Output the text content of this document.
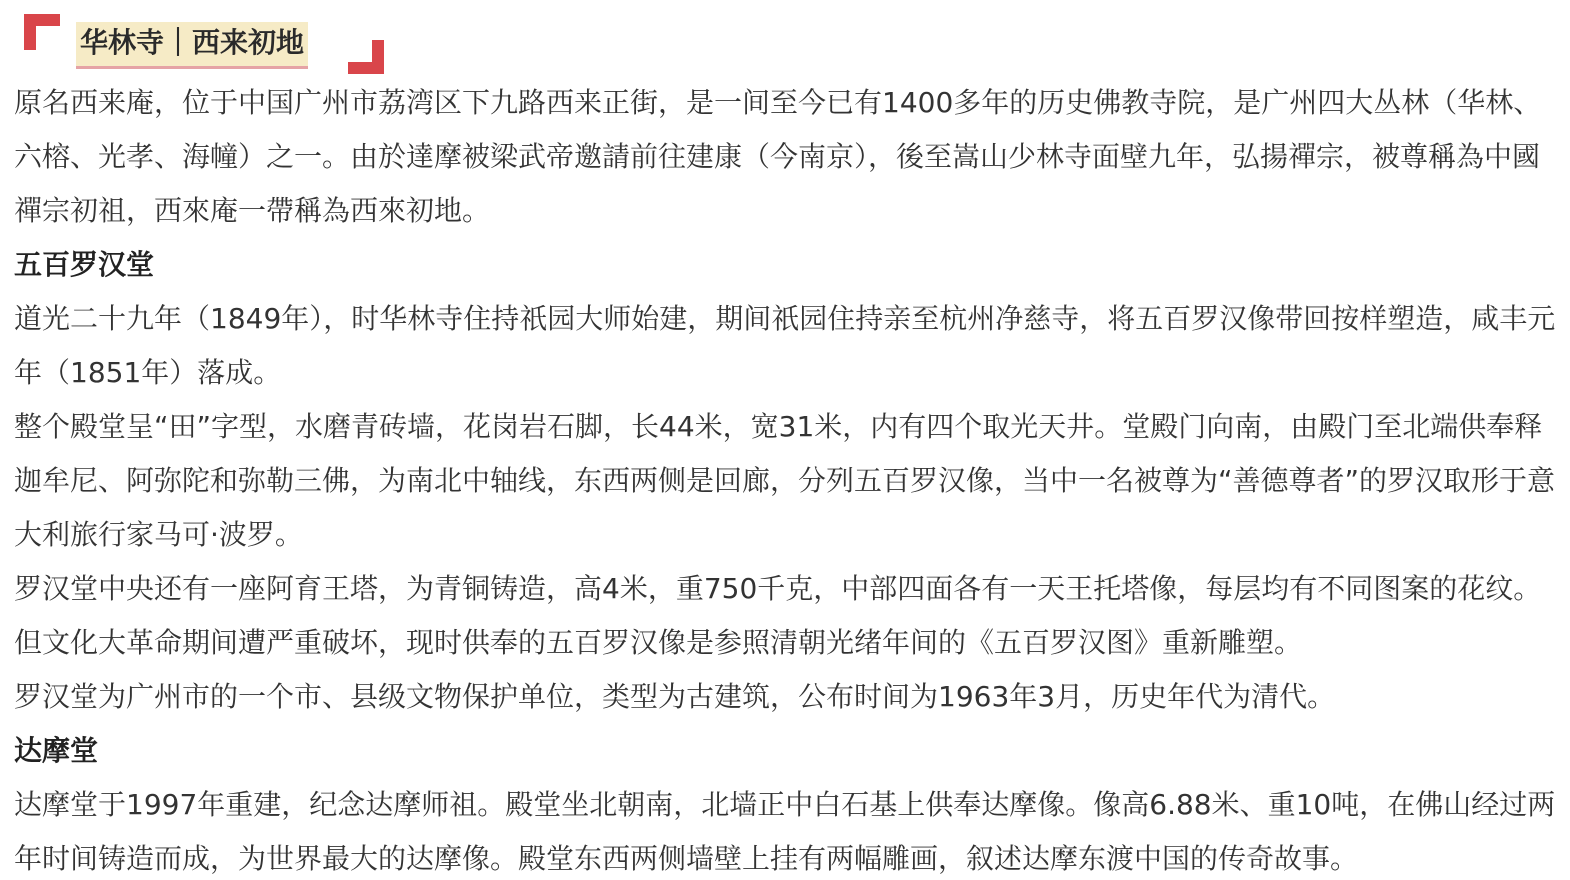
华林寺｜西来初地

原名西来庵，位于中国广州市荔湾区下九路西来正街，是一间至今已有1400多年的历史佛教寺院，是广州四大丛林（华林、六榕、光孝、海幢）之一。由於達摩被梁武帝邀請前往建康（今南京），後至嵩山少林寺面壁九年，弘揚禪宗，被尊稱為中國禪宗初祖，西來庵一帶稱為西來初地。

五百罗汉堂

道光二十九年（1849年），时华林寺住持祇园大师始建，期间祇园住持亲至杭州净慈寺，将五百罗汉像带回按样塑造，咸丰元年（1851年）落成。

整个殿堂呈“田”字型，水磨青砖墙，花岗岩石脚，长44米，宽31米，内有四个取光天井。堂殿门向南，由殿门至北端供奉释迦牟尼、阿弥陀和弥勒三佛，为南北中轴线，东西两侧是回廊，分列五百罗汉像，当中一名被尊为“善德尊者”的罗汉取形于意大利旅行家马可·波罗。

罗汉堂中央还有一座阿育王塔，为青铜铸造，高4米，重750千克，中部四面各有一天王托塔像，每层均有不同图案的花纹。但文化大革命期间遭严重破坏，现时供奉的五百罗汉像是参照清朝光绪年间的《五百罗汉图》重新雕塑。

罗汉堂为广州市的一个市、县级文物保护单位，类型为古建筑，公布时间为1963年3月，历史年代为清代。

达摩堂

达摩堂于1997年重建，纪念达摩师祖。殿堂坐北朝南，北墙正中白石基上供奉达摩像。像高6.88米、重10吨，在佛山经过两年时间铸造而成，为世界最大的达摩像。殿堂东西两侧墙壁上挂有两幅雕画，叙述达摩东渡中国的传奇故事。
